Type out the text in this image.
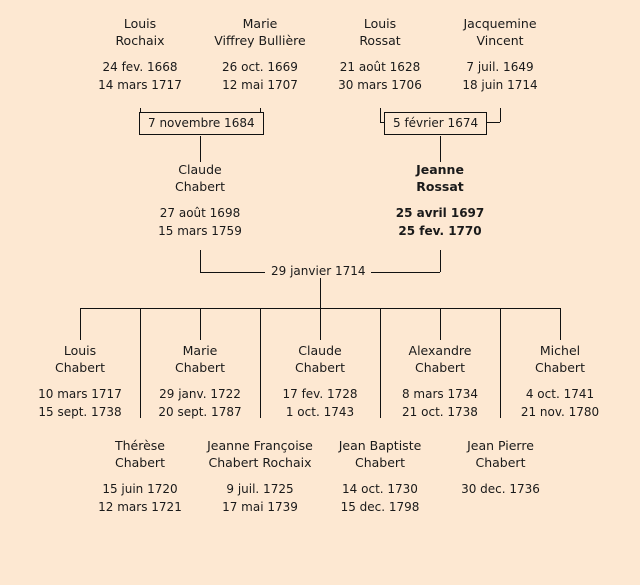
Louis
Rochaix
24 fev. 1668
14 mars 1717
Marie
Viffrey Bullière
26 oct. 1669
12 mai 1707
Louis
Rossat
21 août 1628
30 mars 1706
Jacquemine
Vincent
7 juil. 1649
18 juin 1714
7 novembre 1684	5 février 1674
Claude
Chabert
27 août 1698
15 mars 1759
Jeanne
Rossat
25 avril 1697
25 fev. 1770
29 janvier 1714
Louis
Chabert
10 mars 1717
15 sept. 1738
Marie
Chabert
29 janv. 1722
20 sept. 1787
Claude
Chabert
17 fev. 1728
1 oct. 1743
Alexandre
Chabert
8 mars 1734
21 oct. 1738
Michel
Chabert
4 oct. 1741
21 nov. 1780
Thérèse
Chabert
15 juin 1720
12 mars 1721
Jeanne Françoise
Chabert Rochaix
9 juil. 1725
17 mai 1739
Jean Baptiste
Chabert
14 oct. 1730
15 dec. 1798
Jean Pierre
Chabert
30 dec. 1736
